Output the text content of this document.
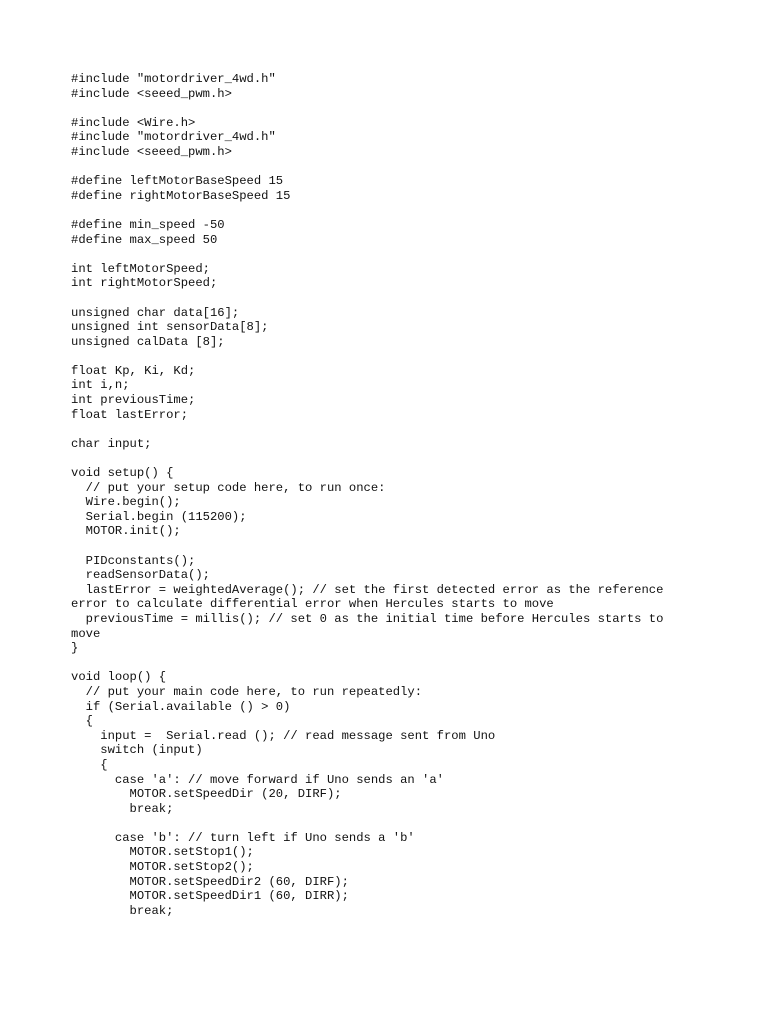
#include "motordriver_4wd.h"
#include <seeed_pwm.h>
#include <Wire.h>
#include "motordriver_4wd.h"
#include <seeed_pwm.h>
#define leftMotorBaseSpeed 15
#define rightMotorBaseSpeed 15
#define min_speed -50
#define max_speed 50
int leftMotorSpeed;
int rightMotorSpeed;
unsigned char data[16];
unsigned int sensorData[8];
unsigned calData [8];
float Kp, Ki, Kd;
int i,n;
int previousTime;
float lastError;
char input;
void setup() {
// put your setup code here, to run once:
Wire.begin();
Serial.begin (115200);
MOTOR.init();
PIDconstants();
readSensorData();
lastError = weightedAverage(); // set the first detected error as the reference
error to calculate differential error when Hercules starts to move
previousTime = millis(); // set 0 as the initial time before Hercules starts to
move
}
void loop() {
// put your main code here, to run repeatedly:
if (Serial.available () > 0)
{
input =  Serial.read (); // read message sent from Uno
switch (input)
{
case 'a': // move forward if Uno sends an 'a'
MOTOR.setSpeedDir (20, DIRF);
break;
case 'b': // turn left if Uno sends a 'b'
MOTOR.setStop1();
MOTOR.setStop2();
MOTOR.setSpeedDir2 (60, DIRF);
MOTOR.setSpeedDir1 (60, DIRR);
break;
